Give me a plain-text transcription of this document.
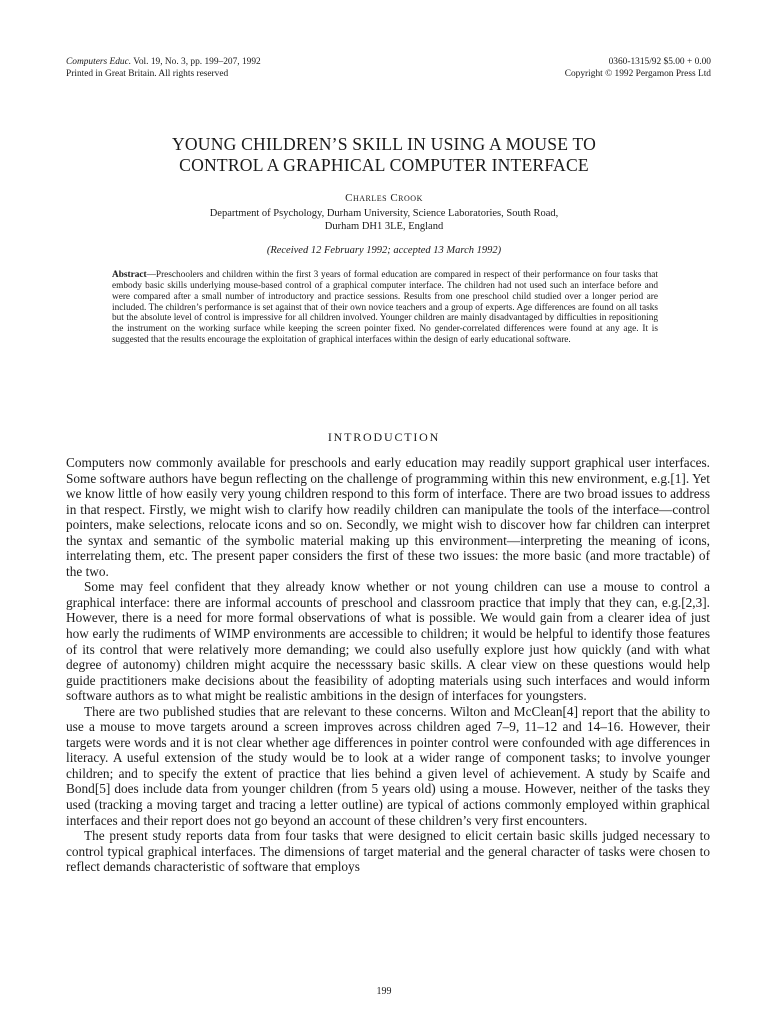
Computers Educ. Vol. 19, No. 3, pp. 199–207, 1992
Printed in Great Britain. All rights reserved
0360-1315/92 $5.00 + 0.00
Copyright © 1992 Pergamon Press Ltd
YOUNG CHILDREN’S SKILL IN USING A MOUSE TO
CONTROL A GRAPHICAL COMPUTER INTERFACE
Charles Crook
Department of Psychology, Durham University, Science Laboratories, South Road,
Durham DH1 3LE, England
(Received 12 February 1992; accepted 13 March 1992)
Abstract—Preschoolers and children within the first 3 years of formal education are compared in respect of their performance on four tasks that embody basic skills underlying mouse-based control of a graphical computer interface. The children had not used such an interface before and were compared after a small number of introductory and practice sessions. Results from one preschool child studied over a longer period are included. The children’s performance is set against that of their own novice teachers and a group of experts. Age differences are found on all tasks but the absolute level of control is impressive for all children involved. Younger children are mainly disadvantaged by difficulties in repositioning the instrument on the working surface while keeping the screen pointer fixed. No gender-correlated differences were found at any age. It is suggested that the results encourage the exploitation of graphical interfaces within the design of early educational software.
INTRODUCTION

Computers now commonly available for preschools and early education may readily support graphical user interfaces. Some software authors have begun reflecting on the challenge of programming within this new environment, e.g.[1]. Yet we know little of how easily very young children respond to this form of interface. There are two broad issues to address in that respect. Firstly, we might wish to clarify how readily children can manipulate the tools of the interface—control pointers, make selections, relocate icons and so on. Secondly, we might wish to discover how far children can interpret the syntax and semantic of the symbolic material making up this environment—interpreting the meaning of icons, interrelating them, etc. The present paper considers the first of these two issues: the more basic (and more tractable) of the two.

Some may feel confident that they already know whether or not young children can use a mouse to control a graphical interface: there are informal accounts of preschool and classroom practice that imply that they can, e.g.[2,3]. However, there is a need for more formal observations of what is possible. We would gain from a clearer idea of just how early the rudiments of WIMP environments are accessible to children; it would be helpful to identify those features of its control that were relatively more demanding; we could also usefully explore just how quickly (and with what degree of autonomy) children might acquire the necesssary basic skills. A clear view on these questions would help guide practitioners make decisions about the feasibility of adopting materials using such interfaces and would inform software authors as to what might be realistic ambitions in the design of interfaces for youngsters.

There are two published studies that are relevant to these concerns. Wilton and McClean[4] report that the ability to use a mouse to move targets around a screen improves across children aged 7–9, 11–12 and 14–16. However, their targets were words and it is not clear whether age differences in pointer control were confounded with age differences in literacy. A useful extension of the study would be to look at a wider range of component tasks; to involve younger children; and to specify the extent of practice that lies behind a given level of achievement. A study by Scaife and Bond[5] does include data from younger children (from 5 years old) using a mouse. However, neither of the tasks they used (tracking a moving target and tracing a letter outline) are typical of actions commonly employed within graphical interfaces and their report does not go beyond an account of these children’s very first encounters.

The present study reports data from four tasks that were designed to elicit certain basic skills judged necessary to control typical graphical interfaces. The dimensions of target material and the general character of tasks were chosen to reflect demands characteristic of software that employs

199
